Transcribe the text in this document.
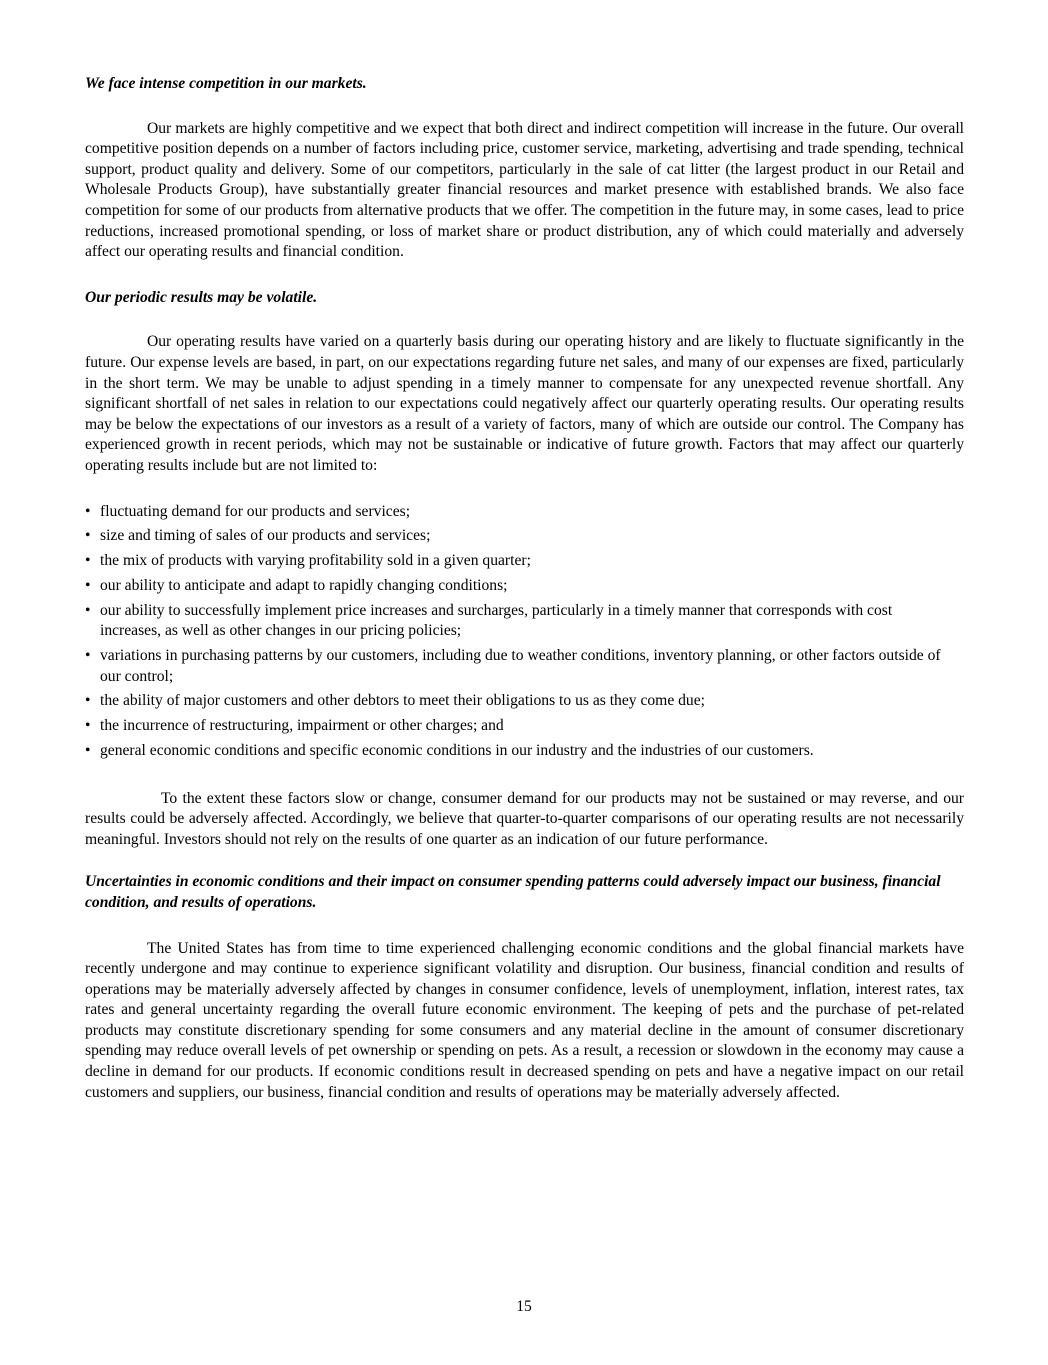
We face intense competition in our markets.

Our markets are highly competitive and we expect that both direct and indirect competition will increase in the future. Our overall competitive position depends on a number of factors including price, customer service, marketing, advertising and trade spending, technical support, product quality and delivery. Some of our competitors, particularly in the sale of cat litter (the largest product in our Retail and Wholesale Products Group), have substantially greater financial resources and market presence with established brands. We also face competition for some of our products from alternative products that we offer. The competition in the future may, in some cases, lead to price reductions, increased promotional spending, or loss of market share or product distribution, any of which could materially and adversely affect our operating results and financial condition.

Our periodic results may be volatile.

Our operating results have varied on a quarterly basis during our operating history and are likely to fluctuate significantly in the future. Our expense levels are based, in part, on our expectations regarding future net sales, and many of our expenses are fixed, particularly in the short term. We may be unable to adjust spending in a timely manner to compensate for any unexpected revenue shortfall. Any significant shortfall of net sales in relation to our expectations could negatively affect our quarterly operating results. Our operating results may be below the expectations of our investors as a result of a variety of factors, many of which are outside our control. The Company has experienced growth in recent periods, which may not be sustainable or indicative of future growth. Factors that may affect our quarterly operating results include but are not limited to:

• fluctuating demand for our products and services;
• size and timing of sales of our products and services;
• the mix of products with varying profitability sold in a given quarter;
• our ability to anticipate and adapt to rapidly changing conditions;
• our ability to successfully implement price increases and surcharges, particularly in a timely manner that corresponds with cost increases, as well as other changes in our pricing policies;
• variations in purchasing patterns by our customers, including due to weather conditions, inventory planning, or other factors outside of our control;
• the ability of major customers and other debtors to meet their obligations to us as they come due;
• the incurrence of restructuring, impairment or other charges; and
• general economic conditions and specific economic conditions in our industry and the industries of our customers.

To the extent these factors slow or change, consumer demand for our products may not be sustained or may reverse, and our results could be adversely affected. Accordingly, we believe that quarter-to-quarter comparisons of our operating results are not necessarily meaningful. Investors should not rely on the results of one quarter as an indication of our future performance.

Uncertainties in economic conditions and their impact on consumer spending patterns could adversely impact our business, financial condition, and results of operations.

The United States has from time to time experienced challenging economic conditions and the global financial markets have recently undergone and may continue to experience significant volatility and disruption. Our business, financial condition and results of operations may be materially adversely affected by changes in consumer confidence, levels of unemployment, inflation, interest rates, tax rates and general uncertainty regarding the overall future economic environment. The keeping of pets and the purchase of pet-related products may constitute discretionary spending for some consumers and any material decline in the amount of consumer discretionary spending may reduce overall levels of pet ownership or spending on pets. As a result, a recession or slowdown in the economy may cause a decline in demand for our products. If economic conditions result in decreased spending on pets and have a negative impact on our retail customers and suppliers, our business, financial condition and results of operations may be materially adversely affected.

15
